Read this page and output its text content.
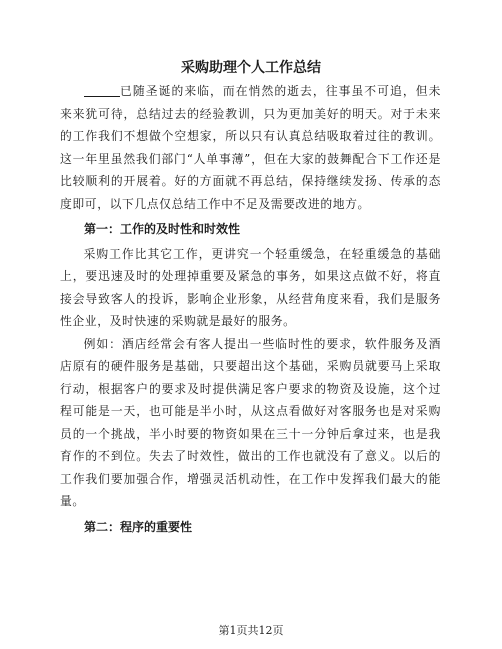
采购助理个人工作总结

已随圣诞的来临，而在悄然的逝去，往事虽不可追，但未来来犹可待，总结过去的经验教训，只为更加美好的明天。对于未来的工作我们不想做个空想家，所以只有认真总结吸取着过往的教训。这一年里虽然我们部门“人单事薄”，但在大家的鼓舞配合下工作还是比较顺利的开展着。好的方面就不再总结，保持继续发扬、传承的态度即可，以下几点仅总结工作中不足及需要改进的地方。

第一：工作的及时性和时效性

采购工作比其它工作，更讲究一个轻重缓急，在轻重缓急的基础上，要迅速及时的处理掉重要及紧急的事务，如果这点做不好，将直接会导致客人的投诉，影响企业形象，从经营角度来看，我们是服务性企业，及时快速的采购就是最好的服务。

例如：酒店经常会有客人提出一些临时性的要求，软件服务及酒店原有的硬件服务是基础，只要超出这个基础，采购员就要马上采取行动，根据客户的要求及时提供满足客户要求的物资及设施，这个过程可能是一天，也可能是半小时，从这点看做好对客服务也是对采购员的一个挑战，半小时要的物资如果在三十一分钟后拿过来，也是我育作的不到位。失去了时效性，做出的工作也就没有了意义。以后的工作我们要加强合作，增强灵活机动性，在工作中发挥我们最大的能量。

第二：程序的重要性
第1页共12页
